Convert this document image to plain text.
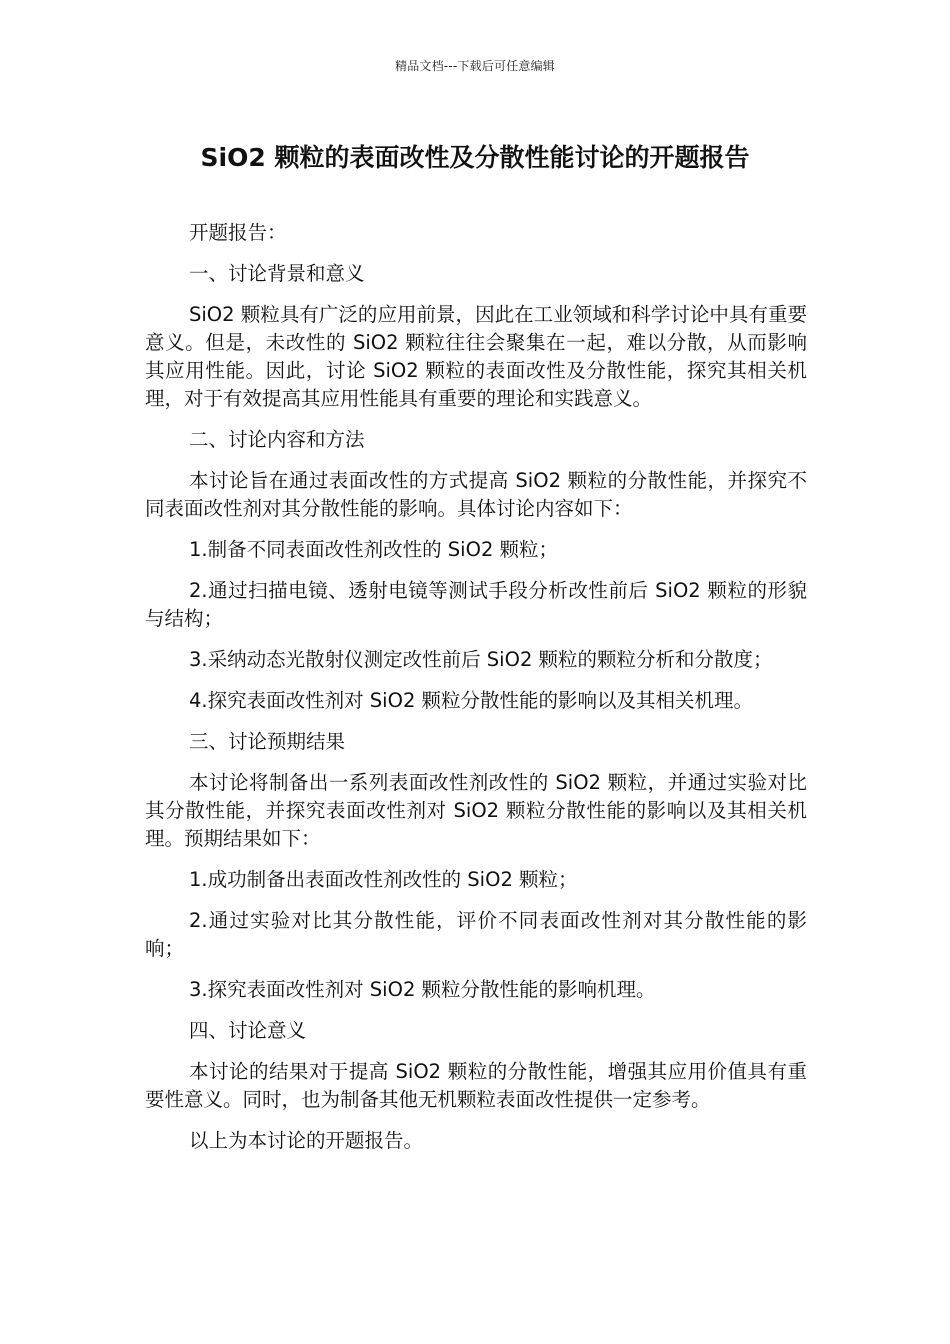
精品文档---下载后可任意编辑
SiO2 颗粒的表面改性及分散性能讨论的开题报告

开题报告：

一、讨论背景和意义

SiO2 颗粒具有广泛的应用前景，因此在工业领域和科学讨论中具有重要意义。但是，未改性的 SiO2 颗粒往往会聚集在一起，难以分散，从而影响其应用性能。因此，讨论 SiO2 颗粒的表面改性及分散性能，探究其相关机理，对于有效提高其应用性能具有重要的理论和实践意义。

二、讨论内容和方法

本讨论旨在通过表面改性的方式提高 SiO2 颗粒的分散性能，并探究不同表面改性剂对其分散性能的影响。具体讨论内容如下：

1.制备不同表面改性剂改性的 SiO2 颗粒；

2.通过扫描电镜、透射电镜等测试手段分析改性前后 SiO2 颗粒的形貌与结构；

3.采纳动态光散射仪测定改性前后 SiO2 颗粒的颗粒分析和分散度；

4.探究表面改性剂对 SiO2 颗粒分散性能的影响以及其相关机理。

三、讨论预期结果

本讨论将制备出一系列表面改性剂改性的 SiO2 颗粒，并通过实验对比其分散性能，并探究表面改性剂对 SiO2 颗粒分散性能的影响以及其相关机理。预期结果如下：

1.成功制备出表面改性剂改性的 SiO2 颗粒；

2.通过实验对比其分散性能，评价不同表面改性剂对其分散性能的影响；

3.探究表面改性剂对 SiO2 颗粒分散性能的影响机理。

四、讨论意义

本讨论的结果对于提高 SiO2 颗粒的分散性能，增强其应用价值具有重要性意义。同时，也为制备其他无机颗粒表面改性提供一定参考。

以上为本讨论的开题报告。
